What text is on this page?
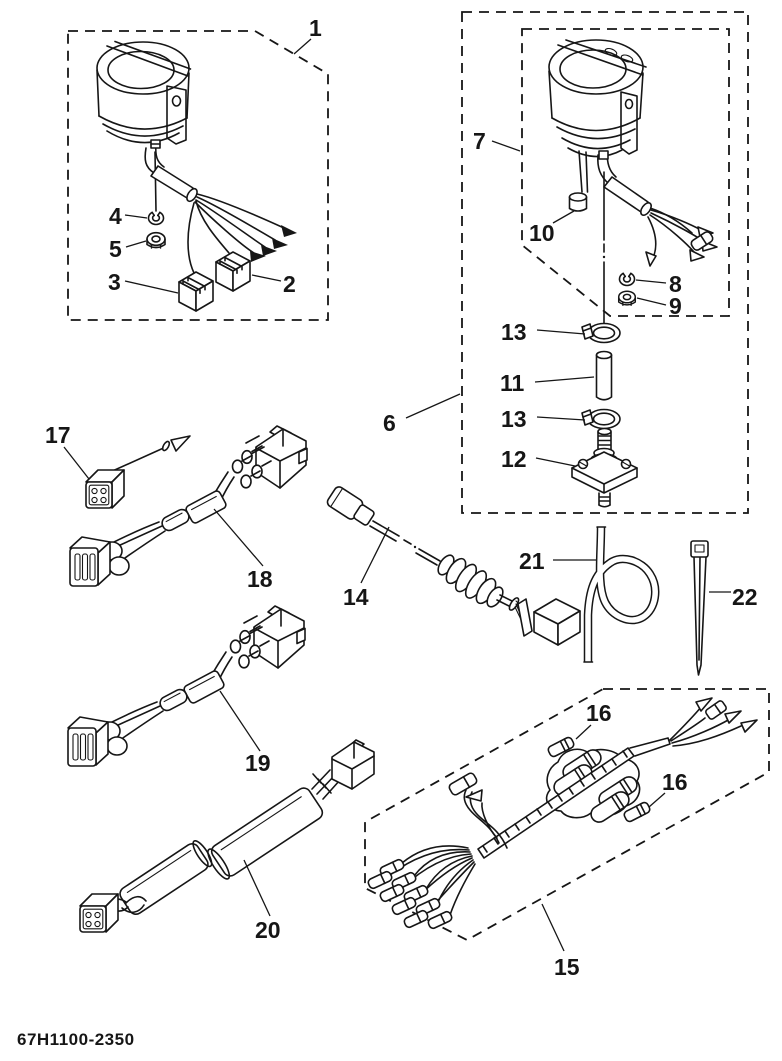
1
2
3
4
5
6
7
8
9
10
11
12
13
13
14
15
16
16
17
18
19
20
21
22
67H1100-2350
